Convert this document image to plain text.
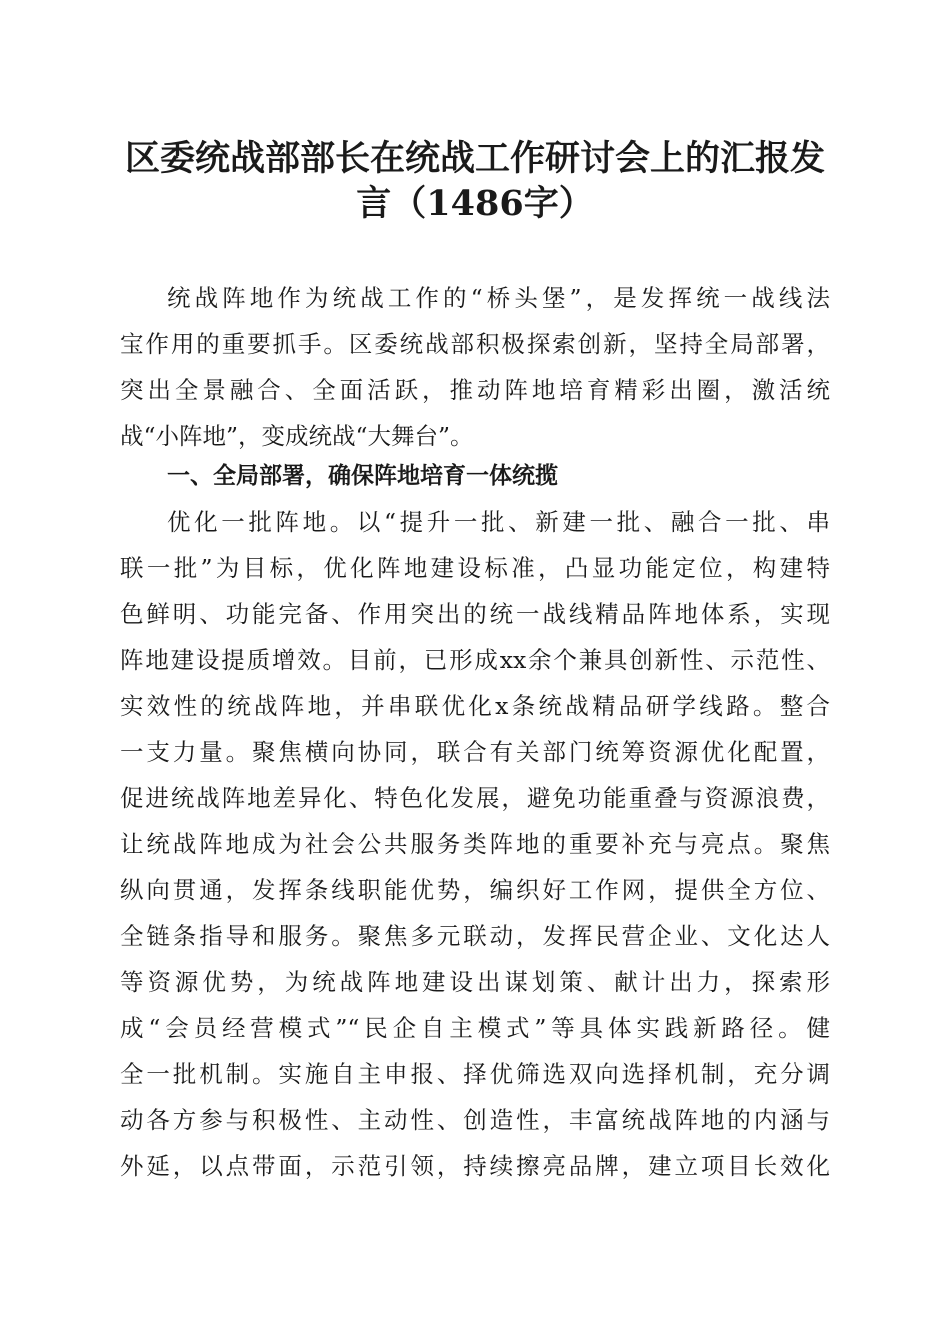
区委统战部部长在统战工作研讨会上的汇报发
言（1486字）
统战阵地作为统战工作的“桥头堡”，是发挥统一战线法
宝作用的重要抓手。区委统战部积极探索创新，坚持全局部署，
突出全景融合、全面活跃，推动阵地培育精彩出圈，激活统
战“小阵地”，变成统战“大舞台”。
一、全局部署，确保阵地培育一体统揽
优化一批阵地。以“提升一批、新建一批、融合一批、串
联一批”为目标，优化阵地建设标准，凸显功能定位，构建特
色鲜明、功能完备、作用突出的统一战线精品阵地体系，实现
阵地建设提质增效。目前，已形成xx余个兼具创新性、示范性、
实效性的统战阵地，并串联优化x条统战精品研学线路。整合
一支力量。聚焦横向协同，联合有关部门统筹资源优化配置，
促进统战阵地差异化、特色化发展，避免功能重叠与资源浪费，
让统战阵地成为社会公共服务类阵地的重要补充与亮点。聚焦
纵向贯通，发挥条线职能优势，编织好工作网，提供全方位、
全链条指导和服务。聚焦多元联动，发挥民营企业、文化达人
等资源优势，为统战阵地建设出谋划策、献计出力，探索形
成“会员经营模式”“民企自主模式”等具体实践新路径。健
全一批机制。实施自主申报、择优筛选双向选择机制，充分调
动各方参与积极性、主动性、创造性，丰富统战阵地的内涵与
外延，以点带面，示范引领，持续擦亮品牌，建立项目长效化
